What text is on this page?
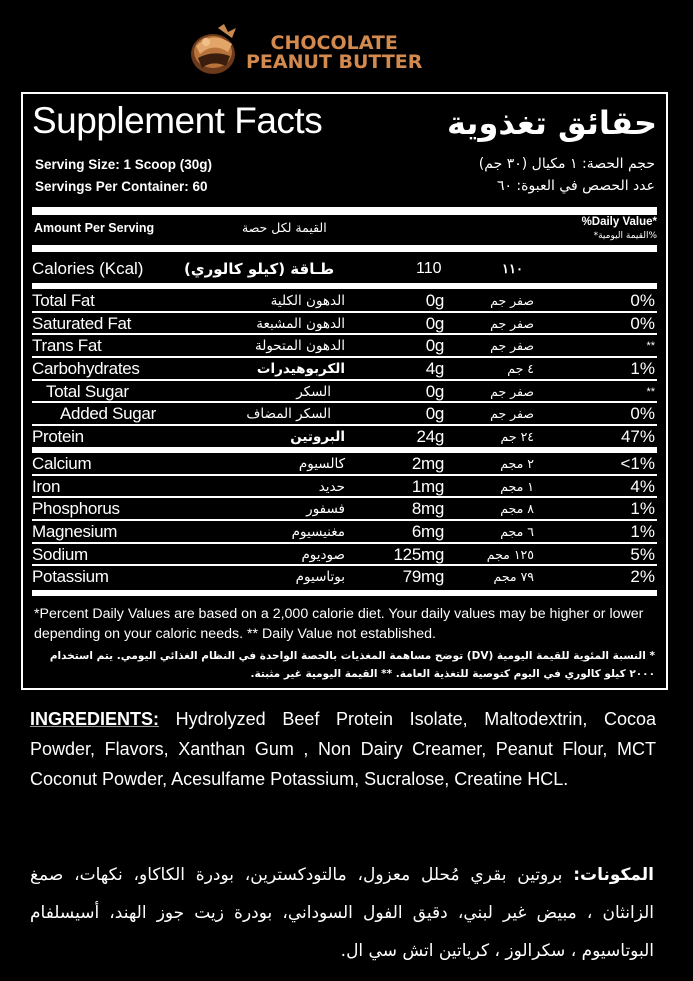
CHOCOLATE
PEANUT BUTTER
Supplement Facts	حقائق تغذوية
Serving Size: 1 Scoop (30g)
Servings Per Container: 60
حجم الحصة: ١ مكيال (٣٠ جم)
عدد الحصص في العبوة: ٦٠
Amount Per Serving	القيمة لكل حصة	%Daily Value*
%القيمة اليومية*
Calories (Kcal)	طـاقة (كيلو كالوري)	110	١١٠
Total Fat	الدهون الكلية	0g	صفر جم	0%
Saturated Fat	الدهون المشبعة	0g	صفر جم	0%
Trans Fat	الدهون المتحولة	0g	صفر جم	**
Carbohydrates	الكربوهيدرات	4g	٤ جم	1%
Total Sugar	السكر	0g	صفر جم	**
Added Sugar	السكر المضاف	0g	صفر جم	0%
Protein	البروتين	24g	٢٤ جم	47%
Calcium	كالسيوم	2mg	٢ مجم	<1%
Iron	حديد	1mg	١ مجم	4%
Phosphorus	فسفور	8mg	٨ مجم	1%
Magnesium	مغنيسيوم	6mg	٦ مجم	1%
Sodium	صوديوم	125mg	١٢٥ مجم	5%
Potassium	بوتاسيوم	79mg	٧٩ مجم	2%
*Percent Daily Values are based on a 2,000 calorie diet. Your daily values may be higher or lower depending on your caloric needs. ** Daily Value not established.
* النسبة المئوية للقيمة اليومية (DV) توضح مساهمة المغذيات بالحصة الواحدة في النظام الغذائي اليومي. يتم استخدام ٢٠٠٠ كيلو كالوري في اليوم كتوصية للتغذية العامة. ** القيمة اليومية غير مثبتة.
INGREDIENTS: Hydrolyzed Beef Protein Isolate, Maltodextrin, Cocoa Powder, Flavors, Xanthan Gum , Non Dairy Creamer, Peanut Flour, MCT Coconut Powder, Acesulfame Potassium, Sucralose, Creatine HCL.
المكونات: بروتين بقري مُحلل معزول، مالتودكسترين، بودرة الكاكاو، نكهات، صمغ الزانثان ، مبيض غير لبني، دقيق الفول السوداني، بودرة زيت جوز الهند، أسيسلفام البوتاسيوم ، سكرالوز ، كرياتين اتش سي ال.
